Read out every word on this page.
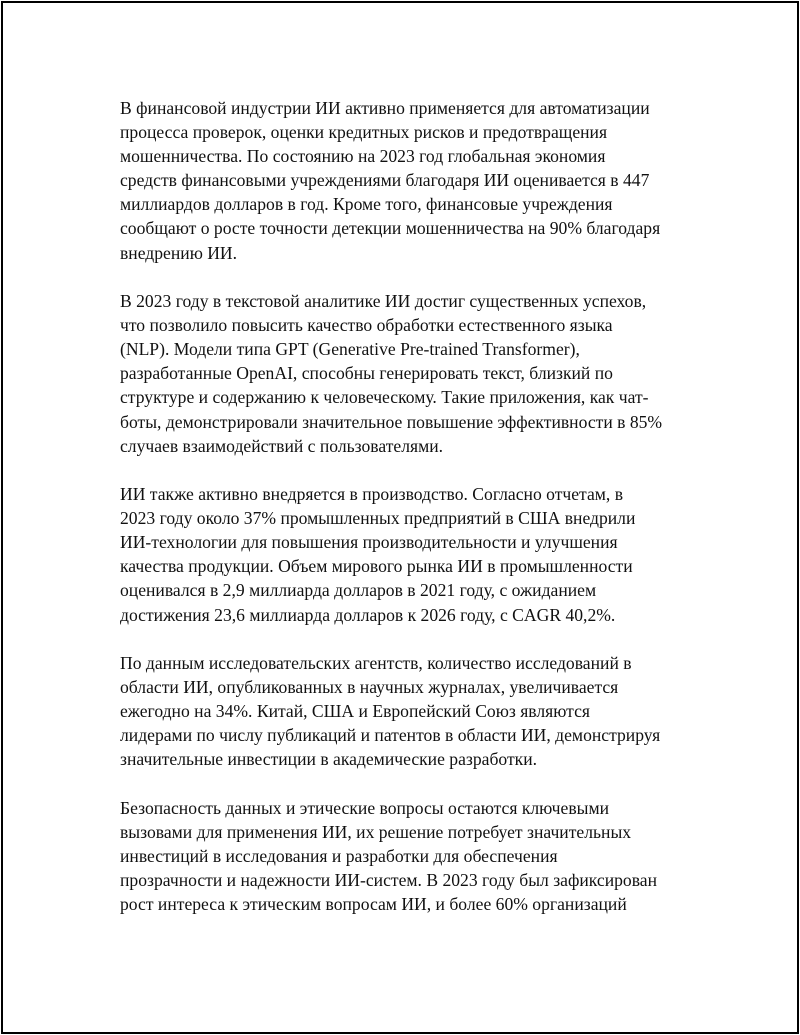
В финансовой индустрии ИИ активно применяется для автоматизации
процесса проверок, оценки кредитных рисков и предотвращения
мошенничества. По состоянию на 2023 год глобальная экономия
средств финансовыми учреждениями благодаря ИИ оценивается в 447
миллиардов долларов в год. Кроме того, финансовые учреждения
сообщают о росте точности детекции мошенничества на 90% благодаря
внедрению ИИ.

В 2023 году в текстовой аналитике ИИ достиг существенных успехов,
что позволило повысить качество обработки естественного языка
(NLP). Модели типа GPT (Generative Pre-trained Transformer),
разработанные OpenAI, способны генерировать текст, близкий по
структуре и содержанию к человеческому. Такие приложения, как чат-
боты, демонстрировали значительное повышение эффективности в 85%
случаев взаимодействий с пользователями.

ИИ также активно внедряется в производство. Согласно отчетам, в
2023 году около 37% промышленных предприятий в США внедрили
ИИ-технологии для повышения производительности и улучшения
качества продукции. Объем мирового рынка ИИ в промышленности
оценивался в 2,9 миллиарда долларов в 2021 году, с ожиданием
достижения 23,6 миллиарда долларов к 2026 году, с CAGR 40,2%.

По данным исследовательских агентств, количество исследований в
области ИИ, опубликованных в научных журналах, увеличивается
ежегодно на 34%. Китай, США и Европейский Союз являются
лидерами по числу публикаций и патентов в области ИИ, демонстрируя
значительные инвестиции в академические разработки.

Безопасность данных и этические вопросы остаются ключевыми
вызовами для применения ИИ, их решение потребует значительных
инвестиций в исследования и разработки для обеспечения
прозрачности и надежности ИИ-систем. В 2023 году был зафиксирован
рост интереса к этическим вопросам ИИ, и более 60% организаций
